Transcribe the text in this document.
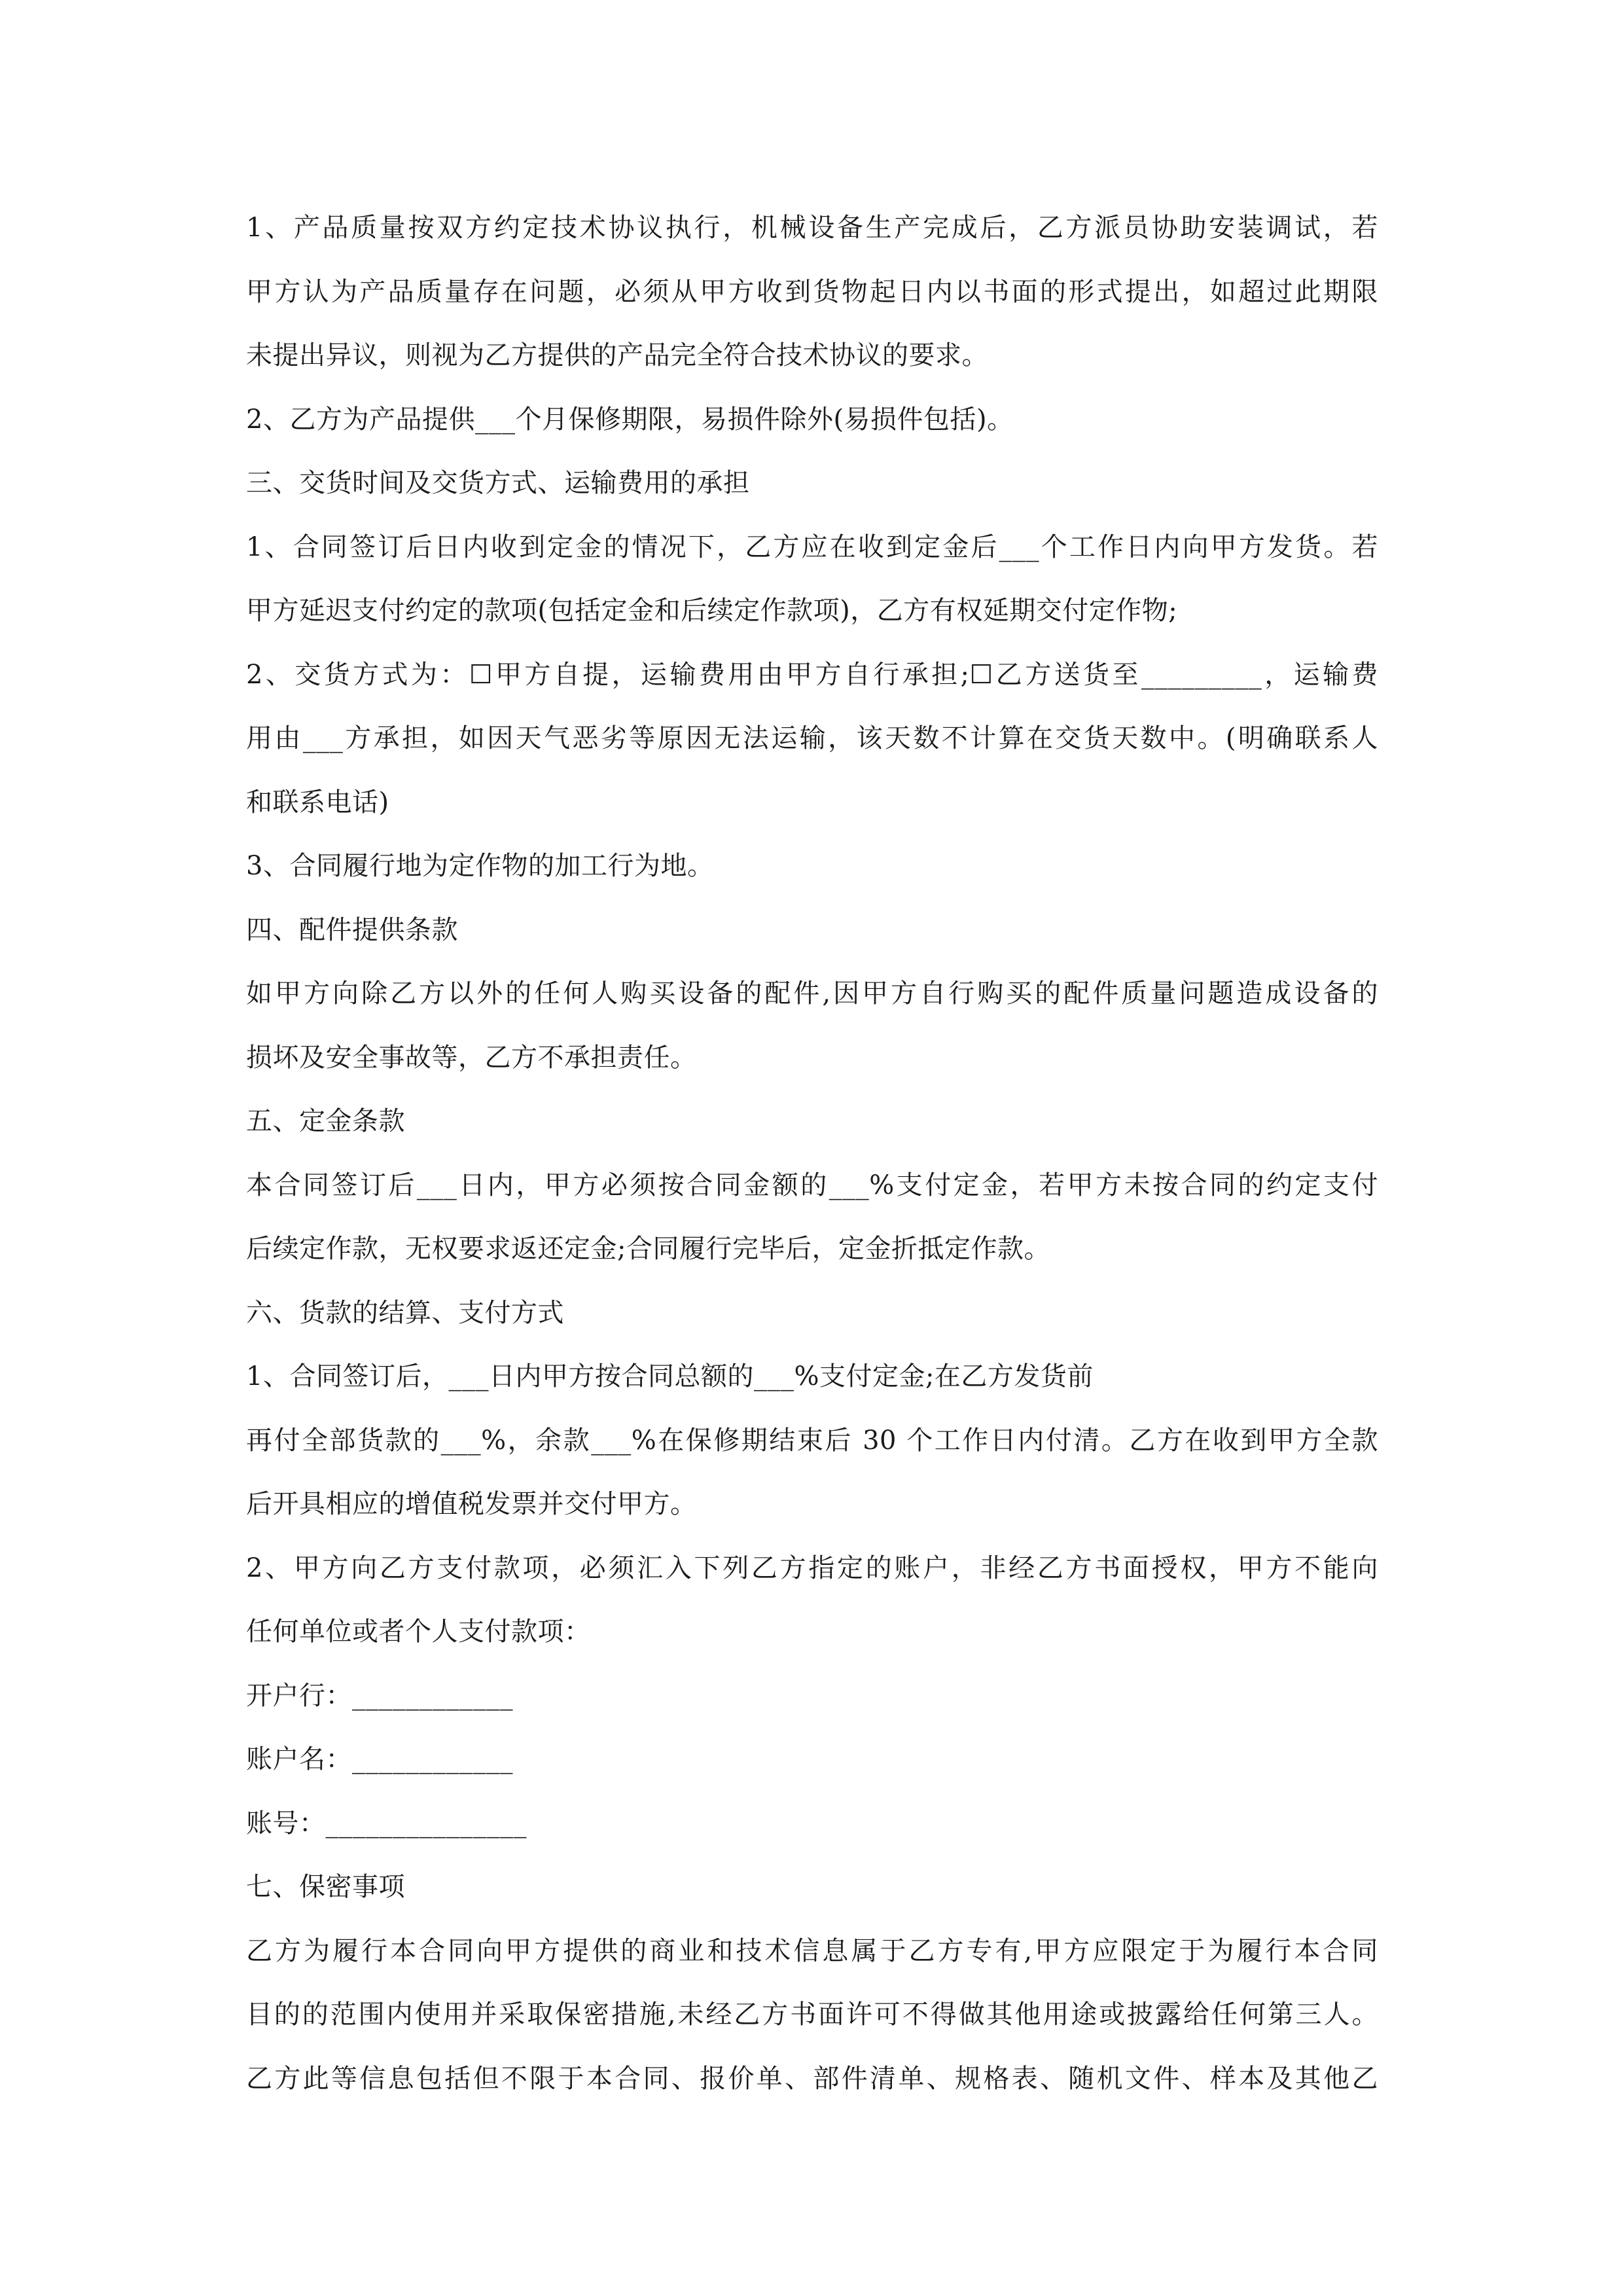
1、产品质量按双方约定技术协议执行，机械设备生产完成后，乙方派员协助安装调试，若
甲方认为产品质量存在问题，必须从甲方收到货物起日内以书面的形式提出，如超过此期限
未提出异议，则视为乙方提供的产品完全符合技术协议的要求。
2、乙方为产品提供___个月保修期限，易损件除外(易损件包括)。
三、交货时间及交货方式、运输费用的承担
1、合同签订后日内收到定金的情况下，乙方应在收到定金后___个工作日内向甲方发货。若
甲方延迟支付约定的款项(包括定金和后续定作款项)，乙方有权延期交付定作物;
2、交货方式为：☐甲方自提，运输费用由甲方自行承担;☐乙方送货至_________，运输费
用由___方承担，如因天气恶劣等原因无法运输，该天数不计算在交货天数中。(明确联系人
和联系电话)
3、合同履行地为定作物的加工行为地。
四、配件提供条款
如甲方向除乙方以外的任何人购买设备的配件,因甲方自行购买的配件质量问题造成设备的
损坏及安全事故等，乙方不承担责任。
五、定金条款
本合同签订后___日内，甲方必须按合同金额的___%支付定金，若甲方未按合同的约定支付
后续定作款，无权要求返还定金;合同履行完毕后，定金折抵定作款。
六、货款的结算、支付方式
1、合同签订后，___日内甲方按合同总额的___%支付定金;在乙方发货前
再付全部货款的___%，余款___%在保修期结束后 30 个工作日内付清。乙方在收到甲方全款
后开具相应的增值税发票并交付甲方。
2、甲方向乙方支付款项，必须汇入下列乙方指定的账户，非经乙方书面授权，甲方不能向
任何单位或者个人支付款项：
开户行：____________
账户名：____________
账号：_______________
七、保密事项
乙方为履行本合同向甲方提供的商业和技术信息属于乙方专有,甲方应限定于为履行本合同
目的的范围内使用并采取保密措施,未经乙方书面许可不得做其他用途或披露给任何第三人。
乙方此等信息包括但不限于本合同、报价单、部件清单、规格表、随机文件、样本及其他乙
